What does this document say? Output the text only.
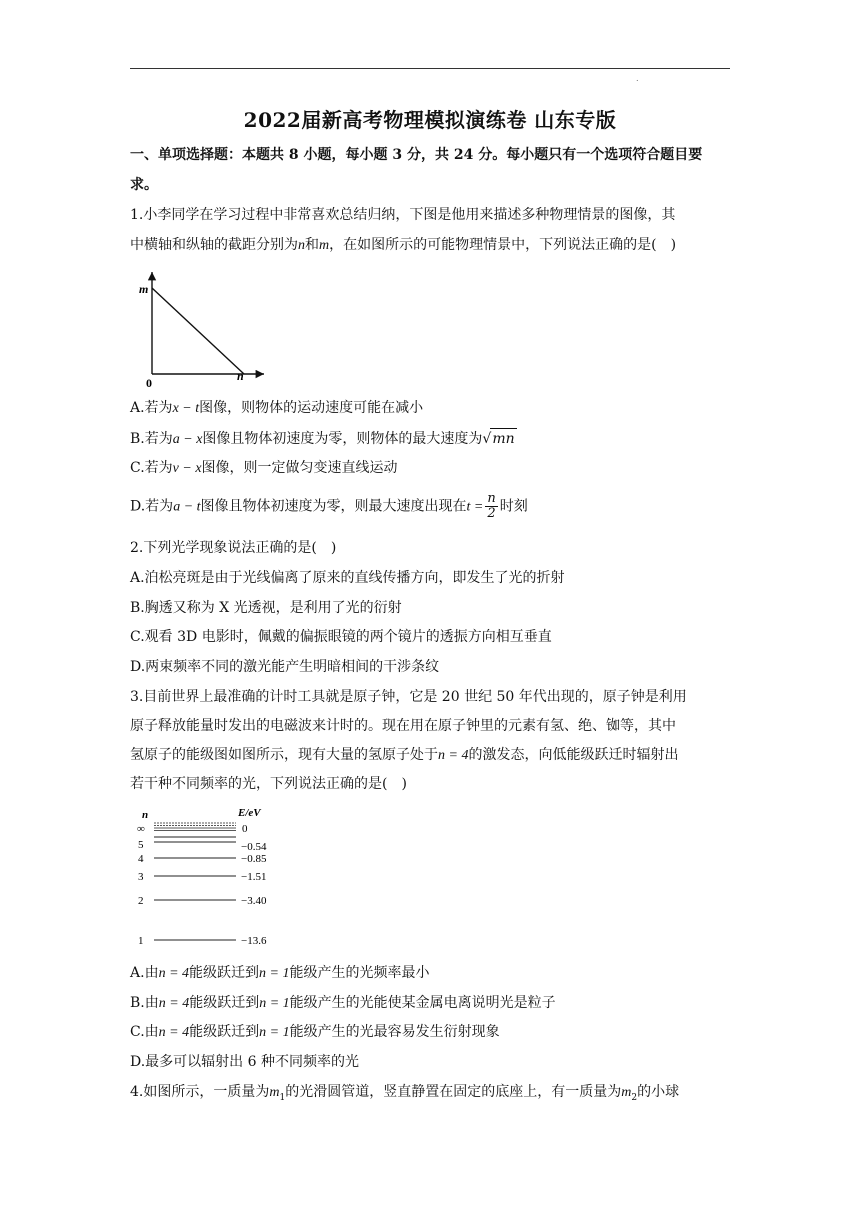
.
2022届新高考物理模拟演练卷 山东专版
一、单项选择题：本题共 8 小题，每小题 3 分，共 24 分。每小题只有一个选项符合题目要
求。
1.小李同学在学习过程中非常喜欢总结归纳，下图是他用来描述多种物理情景的图像，其
中横轴和纵轴的截距分别为n和m，在如图所示的可能物理情景中，下列说法正确的是(　)
m
n
0
A.若为x − t图像，则物体的运动速度可能在减小
B.若为a − x图像且物体初速度为零，则物体的最大速度为√mn
C.若为v − x图像，则一定做匀变速直线运动
D.若为a − t图像且物体初速度为零，则最大速度出现在$t = \frac{n}{2}$ 时刻
2.下列光学现象说法正确的是(　)
A.泊松亮斑是由于光线偏离了原来的直线传播方向，即发生了光的折射
B.胸透又称为 X 光透视，是利用了光的衍射
C.观看 3D 电影时，佩戴的偏振眼镜的两个镜片的透振方向相互垂直
D.两束频率不同的激光能产生明暗相间的干涉条纹
3.目前世界上最准确的计时工具就是原子钟，它是 20 世纪 50 年代出现的，原子钟是利用
原子释放能量时发出的电磁波来计时的。现在用在原子钟里的元素有氢、绝、铷等，其中
氢原子的能级图如图所示，现有大量的氢原子处于n = 4的激发态，向低能级跃迁时辐射出
若干种不同频率的光，下列说法正确的是(　)
n	E/eV
∞
5
4
3
2
1
0
−0.54
−0.85
−1.51
−3.40
−13.6
A.由n = 4能级跃迁到n = 1能级产生的光频率最小
B.由n = 4能级跃迁到n = 1能级产生的光能使某金属电离说明光是粒子
C.由n = 4能级跃迁到n = 1能级产生的光最容易发生衍射现象
D.最多可以辐射出 6 种不同频率的光
4.如图所示，一质量为$m_1$的光滑圆管道，竖直静置在固定的底座上，有一质量为$m_2$的小球
